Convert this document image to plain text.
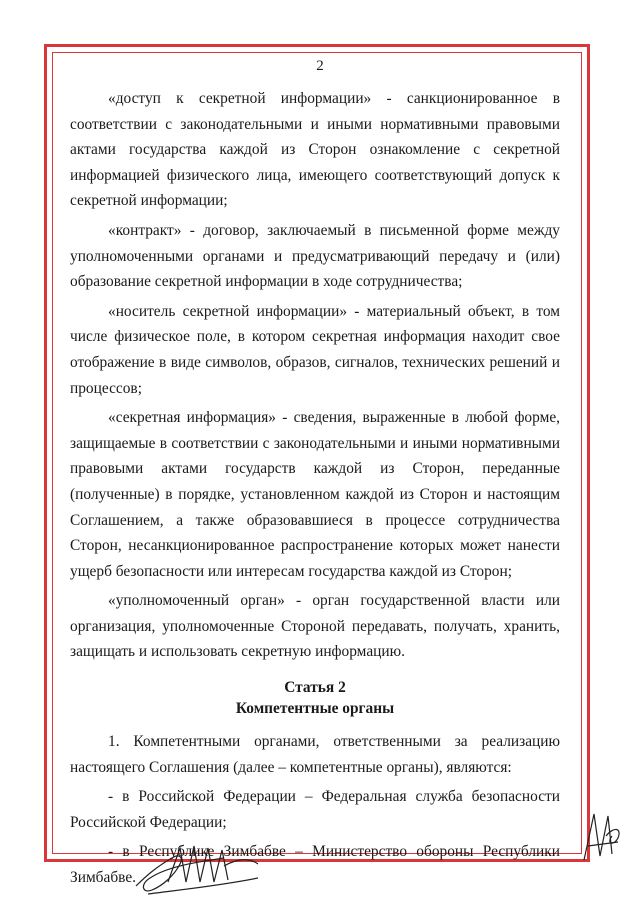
2

«доступ к секретной информации» - санкционированное в соответствии с законодательными и иными нормативными правовыми актами государства каждой из Сторон ознакомление с секретной информацией физического лица, имеющего соответствующий допуск к секретной информации;

«контракт» - договор, заключаемый в письменной форме между уполномоченными органами и предусматривающий передачу и (или) образование секретной информации в ходе сотрудничества;

«носитель секретной информации» - материальный объект, в том числе физическое поле, в котором секретная информация находит свое отображение в виде символов, образов, сигналов, технических решений и процессов;

«секретная информация» - сведения, выраженные в любой форме, защищаемые в соответствии с законодательными и иными нормативными правовыми актами государств каждой из Сторон, переданные (полученные) в порядке, установленном каждой из Сторон и настоящим Соглашением, а также образовавшиеся в процессе сотрудничества Сторон, несанкционированное распространение которых может нанести ущерб безопасности или интересам государства каждой из Сторон;

«уполномоченный орган» - орган государственной власти или организация, уполномоченные Стороной передавать, получать, хранить, защищать и использовать секретную информацию.

Статья 2

Компетентные органы

1. Компетентными органами, ответственными за реализацию настоящего Соглашения (далее – компетентные органы), являются:

- в Российской Федерации – Федеральная служба безопасности Российской Федерации;

- в Республике Зимбабве – Министерство обороны Республики Зимбабве.
